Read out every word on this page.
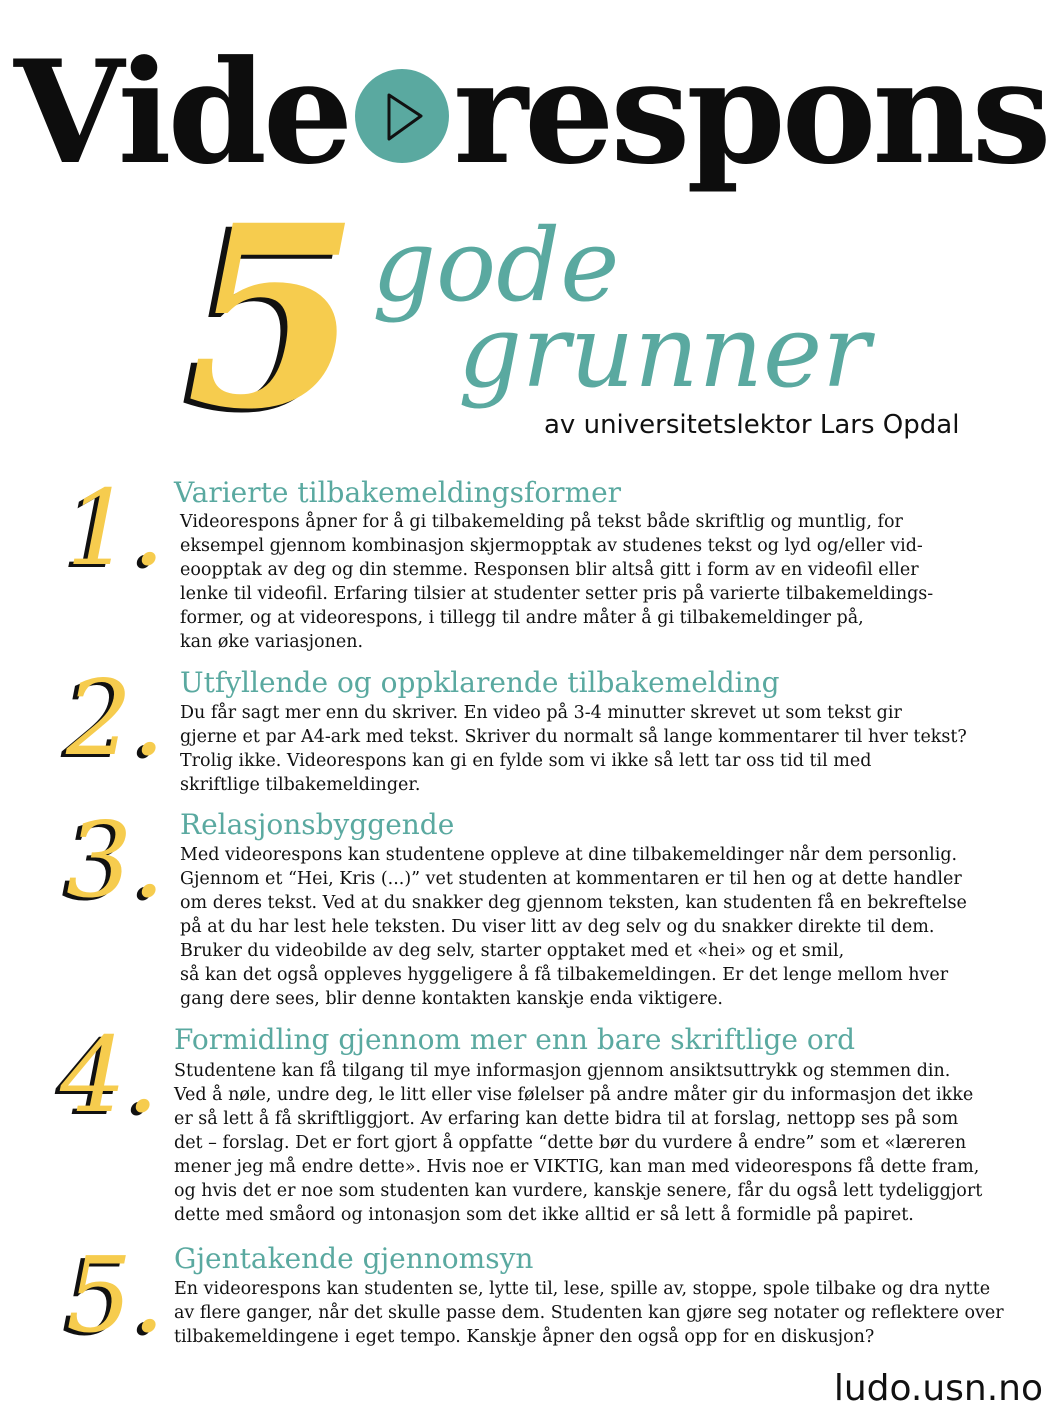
Vide respons
5 gode
grunner
av universitetslektor Lars Opdal
1. Varierte tilbakemeldingsformer
Videorespons åpner for å gi tilbakemelding på tekst både skriftlig og muntlig, for
eksempel gjennom kombinasjon skjermopptak av studenes tekst og lyd og/eller vid-
eoopptak av deg og din stemme. Responsen blir altså gitt i form av en videofil eller
lenke til videofil. Erfaring tilsier at studenter setter pris på varierte tilbakemeldings-
former, og at videorespons, i tillegg til andre måter å gi tilbakemeldinger på,
kan øke variasjonen.
2. Utfyllende og oppklarende tilbakemelding
Du får sagt mer enn du skriver. En video på 3-4 minutter skrevet ut som tekst gir
gjerne et par A4-ark med tekst. Skriver du normalt så lange kommentarer til hver tekst?
Trolig ikke. Videorespons kan gi en fylde som vi ikke så lett tar oss tid til med
skriftlige tilbakemeldinger.
3. Relasjonsbyggende
Med videorespons kan studentene oppleve at dine tilbakemeldinger når dem personlig.
Gjennom et “Hei, Kris (...)” vet studenten at kommentaren er til hen og at dette handler
om deres tekst. Ved at du snakker deg gjennom teksten, kan studenten få en bekreftelse
på at du har lest hele teksten. Du viser litt av deg selv og du snakker direkte til dem.
Bruker du videobilde av deg selv, starter opptaket med et «hei» og et smil,
så kan det også oppleves hyggeligere å få tilbakemeldingen. Er det lenge mellom hver
gang dere sees, blir denne kontakten kanskje enda viktigere.
4. Formidling gjennom mer enn bare skriftlige ord
Studentene kan få tilgang til mye informasjon gjennom ansiktsuttrykk og stemmen din.
Ved å nøle, undre deg, le litt eller vise følelser på andre måter gir du informasjon det ikke
er så lett å få skriftliggjort. Av erfaring kan dette bidra til at forslag, nettopp ses på som
det – forslag. Det er fort gjort å oppfatte “dette bør du vurdere å endre” som et «læreren
mener jeg må endre dette». Hvis noe er VIKTIG, kan man med videorespons få dette fram,
og hvis det er noe som studenten kan vurdere, kanskje senere, får du også lett tydeliggjort
dette med småord og intonasjon som det ikke alltid er så lett å formidle på papiret.
5. Gjentakende gjennomsyn
En videorespons kan studenten se, lytte til, lese, spille av, stoppe, spole tilbake og dra nytte
av flere ganger, når det skulle passe dem. Studenten kan gjøre seg notater og reflektere over
tilbakemeldingene i eget tempo. Kanskje åpner den også opp for en diskusjon?
ludo.usn.no
